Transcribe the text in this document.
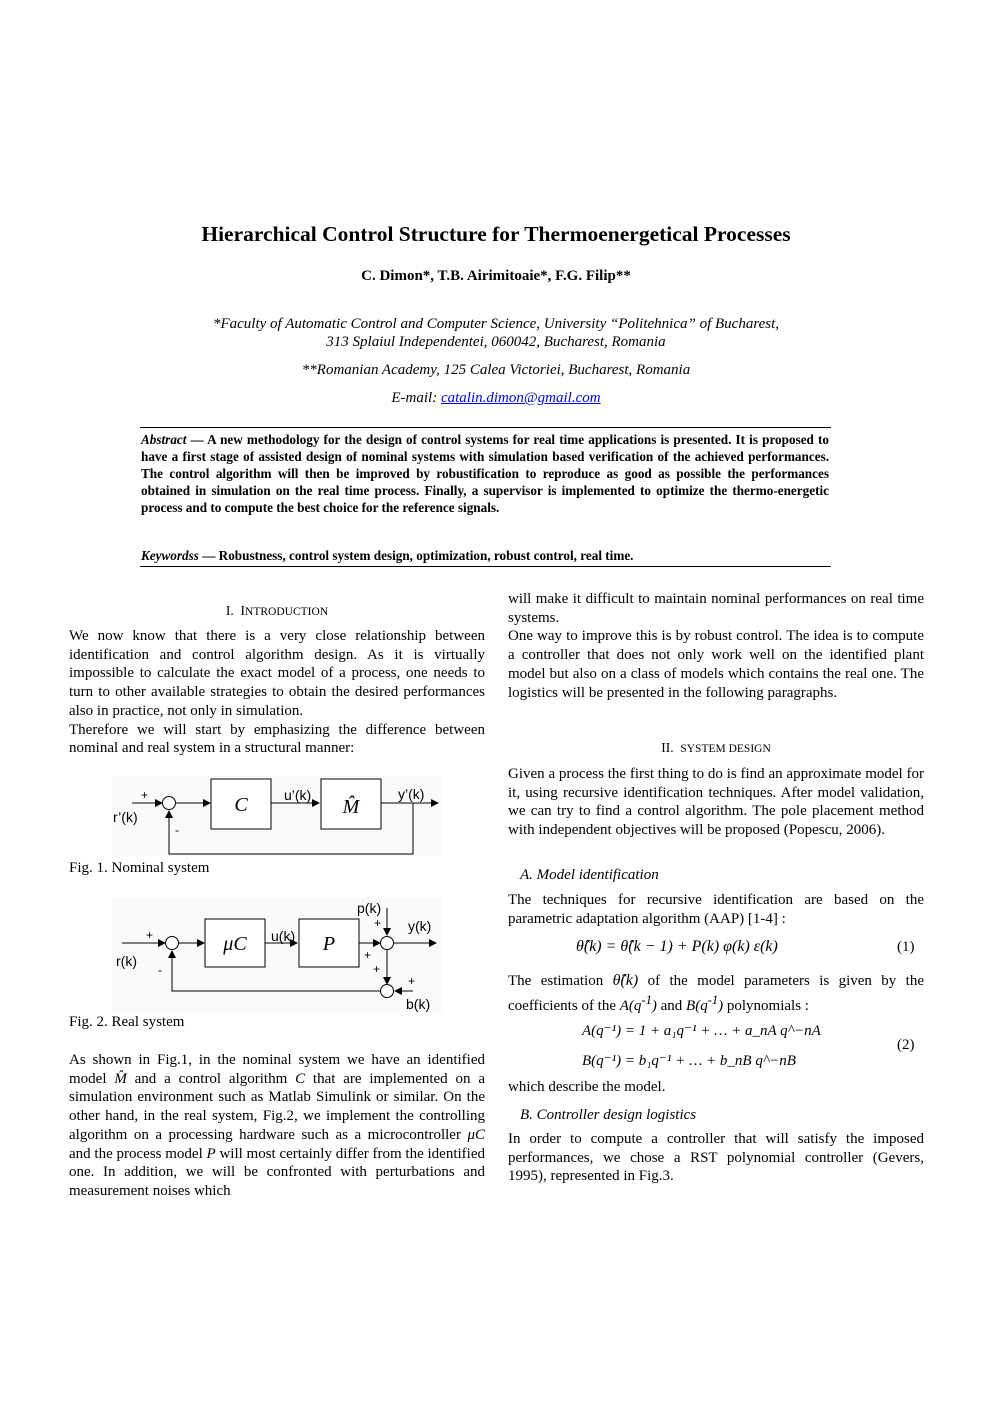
Hierarchical Control Structure for Thermoenergetical Processes
C. Dimon*, T.B. Airimitoaie*, F.G. Filip**
*Faculty of Automatic Control and Computer Science, University “Politehnica” of Bucharest,
313 Splaiul Independentei, 060042, Bucharest, Romania
**Romanian Academy, 125 Calea Victoriei, Bucharest, Romania
E-mail: catalin.dimon@gmail.com
Abstract — A new methodology for the design of control systems for real time applications is presented. It is proposed to have a first stage of assisted design of nominal systems with simulation based verification of the achieved performances. The control algorithm will then be improved by robustification to reproduce as good as possible the performances obtained in simulation on the real time process. Finally, a supervisor is implemented to optimize the thermo-energetic process and to compute the best choice for the reference signals.
Keywordss — Robustness, control system design, optimization, robust control, real time.
I. INTRODUCTION

We now know that there is a very close relationship between identification and control algorithm design. As it is virtually impossible to calculate the exact model of a process, one needs to turn to other available strategies to obtain the desired performances also in practice, not only in simulation.

Therefore we will start by emphasizing the difference between nominal and real system in a structural manner:

C	M̂
r’(k)
+
-
u’(k)	y’(k)
Fig. 1. Nominal system
μC	P
r(k)
+
-
u(k)
p(k)
+ y(k)
+
+
+
b(k)
Fig. 2. Real system

As shown in Fig.1, in the nominal system we have an identified model M̂ and a control algorithm C that are implemented on a simulation environment such as Matlab Simulink or similar. On the other hand, in the real system, Fig.2, we implement the controlling algorithm on a processing hardware such as a microcontroller μC and the process model P will most certainly differ from the identified one. In addition, we will be confronted with perturbations and measurement noises which

will make it difficult to maintain nominal performances on real time systems.

One way to improve this is by robust control. The idea is to compute a controller that does not only work well on the identified plant model but also on a class of models which contains the real one. The logistics will be presented in the following paragraphs.

II. SYSTEM DESIGN
Given a process the first thing to do is find an approximate model for it, using recursive identification techniques. After model validation, we can try to find a control algorithm. The pole placement method with independent objectives will be proposed (Popescu, 2006).
A. Model identification
The techniques for recursive identification are based on the parametric adaptation algorithm (AAP) [1-4] :
θ̂(k) = θ̂(k − 1) + P(k) φ(k) ε(k)	(1)
The estimation θ̂(k) of the model parameters is given by the coefficients of the $A(q^{-1})$ and $B(q^{-1})$ polynomials :
A(q⁻¹) = 1 + a₁q⁻¹ + … + a_nA q^−nA
B(q⁻¹) = b₁q⁻¹ + … + b_nB q^−nB
(2)
which describe the model.
B. Controller design logistics
In order to compute a controller that will satisfy the imposed performances, we chose a RST polynomial controller (Gevers, 1995), represented in Fig.3.
